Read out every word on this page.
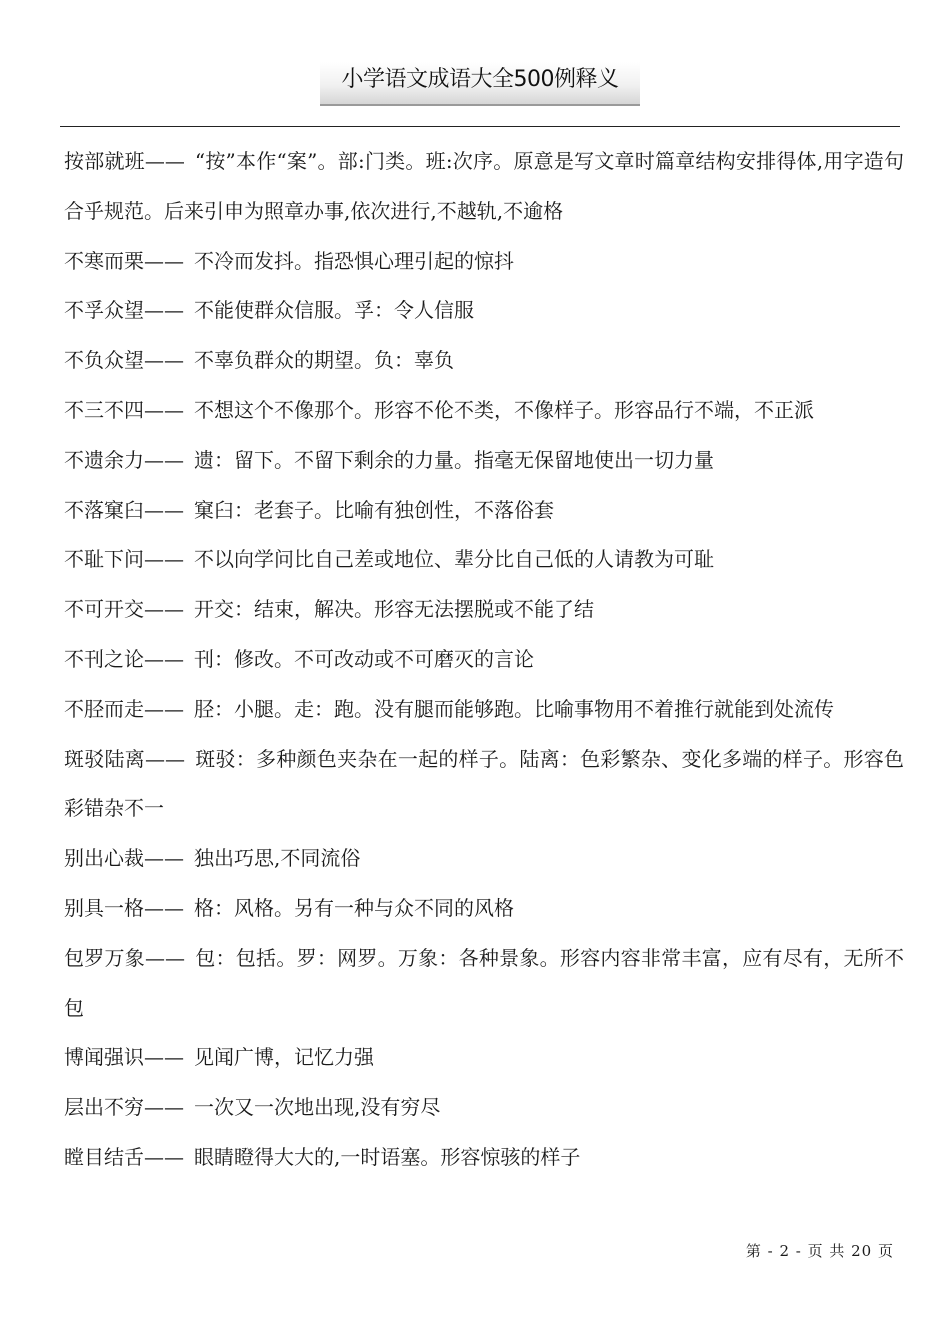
小学语文成语大全500例释义
按部就班—— “按”本作“案”。部:门类。班:次序。原意是写文章时篇章结构安排得体,用字造句合乎规范。后来引申为照章办事,依次进行,不越轨,不逾格
不寒而栗—— 不冷而发抖。指恐惧心理引起的惊抖
不孚众望—— 不能使群众信服。孚：令人信服
不负众望—— 不辜负群众的期望。负：辜负
不三不四—— 不想这个不像那个。形容不伦不类，不像样子。形容品行不端，不正派
不遗余力—— 遗：留下。不留下剩余的力量。指毫无保留地使出一切力量
不落窠臼—— 窠臼：老套子。比喻有独创性，不落俗套
不耻下问—— 不以向学问比自己差或地位、辈分比自己低的人请教为可耻
不可开交—— 开交：结束，解决。形容无法摆脱或不能了结
不刊之论—— 刊：修改。不可改动或不可磨灭的言论
不胫而走—— 胫：小腿。走：跑。没有腿而能够跑。比喻事物用不着推行就能到处流传
斑驳陆离—— 斑驳：多种颜色夹杂在一起的样子。陆离：色彩繁杂、变化多端的样子。形容色彩错杂不一
别出心裁—— 独出巧思,不同流俗
别具一格—— 格：风格。另有一种与众不同的风格
包罗万象—— 包：包括。罗：网罗。万象：各种景象。形容内容非常丰富，应有尽有，无所不包
博闻强识—— 见闻广博，记忆力强
层出不穷—— 一次又一次地出现,没有穷尽
瞠目结舌—— 眼睛瞪得大大的,一时语塞。形容惊骇的样子
第 - 2 - 页 共 20 页
